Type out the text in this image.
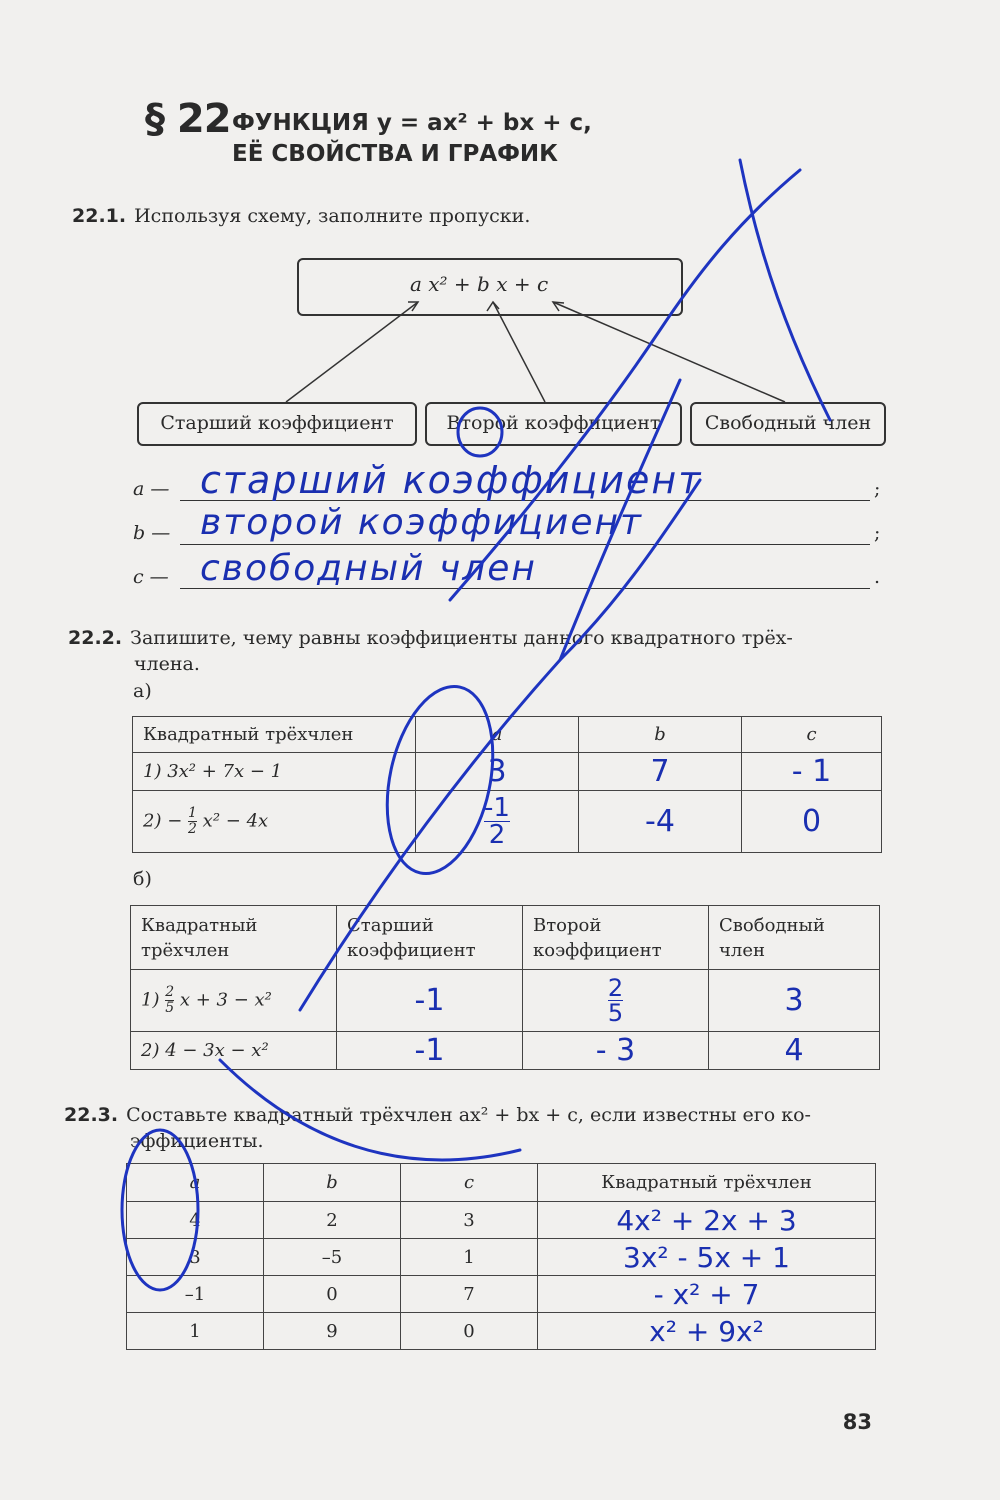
§ 22 ФУНКЦИЯ y = ax² + bx + c,
ЕЁ СВОЙСТВА И ГРАФИК
22.1. Используя схему, заполните пропуски.
a x² + b x + c
Старший коэффициент	Второй коэффициент	Свободный член
a —	;
старший коэффициент
b —	;
второй коэффициент
c —	.
свободный член
22.2. Запишите, чему равны коэффициенты данного квадратного трёх-
члена.
а)
Квадратный трёхчлен	a	b	c
1) 3x² + 7x − 1	3	7	- 1
$2) - \frac{1}{2} x^2 - 4x$	$\frac{-1}{2}$	-4	0
б)
Квадратный трёхчлен	Старший коэффициент	Второй коэффициент	Свободный член
$1) \frac{2}{5}$ x + 3 − x²	-1	$\frac{2}{5}$	3
2) 4 − 3x − x²	-1	- 3	4
22.3. Составьте квадратный трёхчлен ax² + bx + c, если известны его ко-
эффициенты.
a	b	c	Квадратный трёхчлен
4	2	3	4x² + 2x + 3
3	–5	1	3x² - 5x + 1
–1	0	7	- x² + 7
1	9	0	x² + 9x²
83
